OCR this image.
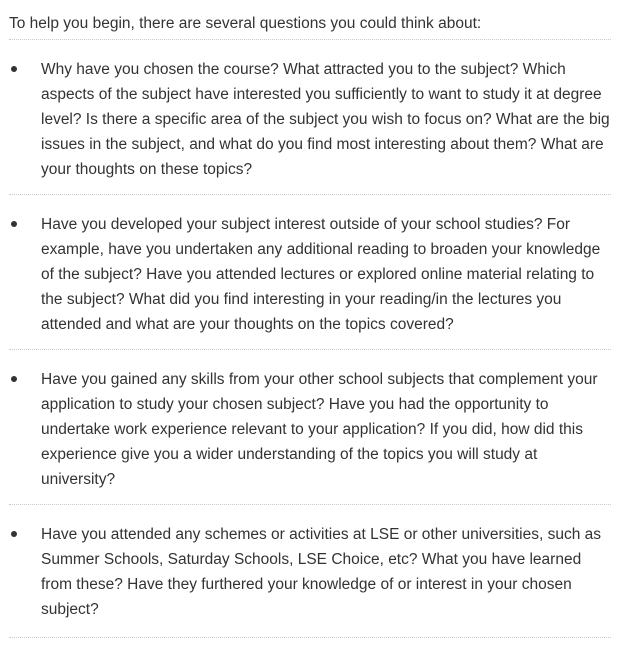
To help you begin, there are several questions you could think about:

Why have you chosen the course? What attracted you to the subject? Which aspects of the subject have interested you sufficiently to want to study it at degree level? Is there a specific area of the subject you wish to focus on? What are the big issues in the subject, and what do you find most interesting about them? What are your thoughts on these topics?
Have you developed your subject interest outside of your school studies? For example, have you undertaken any additional reading to broaden your knowledge of the subject? Have you attended lectures or explored online material relating to the subject? What did you find interesting in your reading/in the lectures you attended and what are your thoughts on the topics covered?
Have you gained any skills from your other school subjects that complement your application to study your chosen subject? Have you had the opportunity to undertake work experience relevant to your application? If you did, how did this experience give you a wider understanding of the topics you will study at university?
Have you attended any schemes or activities at LSE or other universities, such as Summer Schools, Saturday Schools, LSE Choice, etc? What you have learned from these? Have they furthered your knowledge of or interest in your chosen subject?
